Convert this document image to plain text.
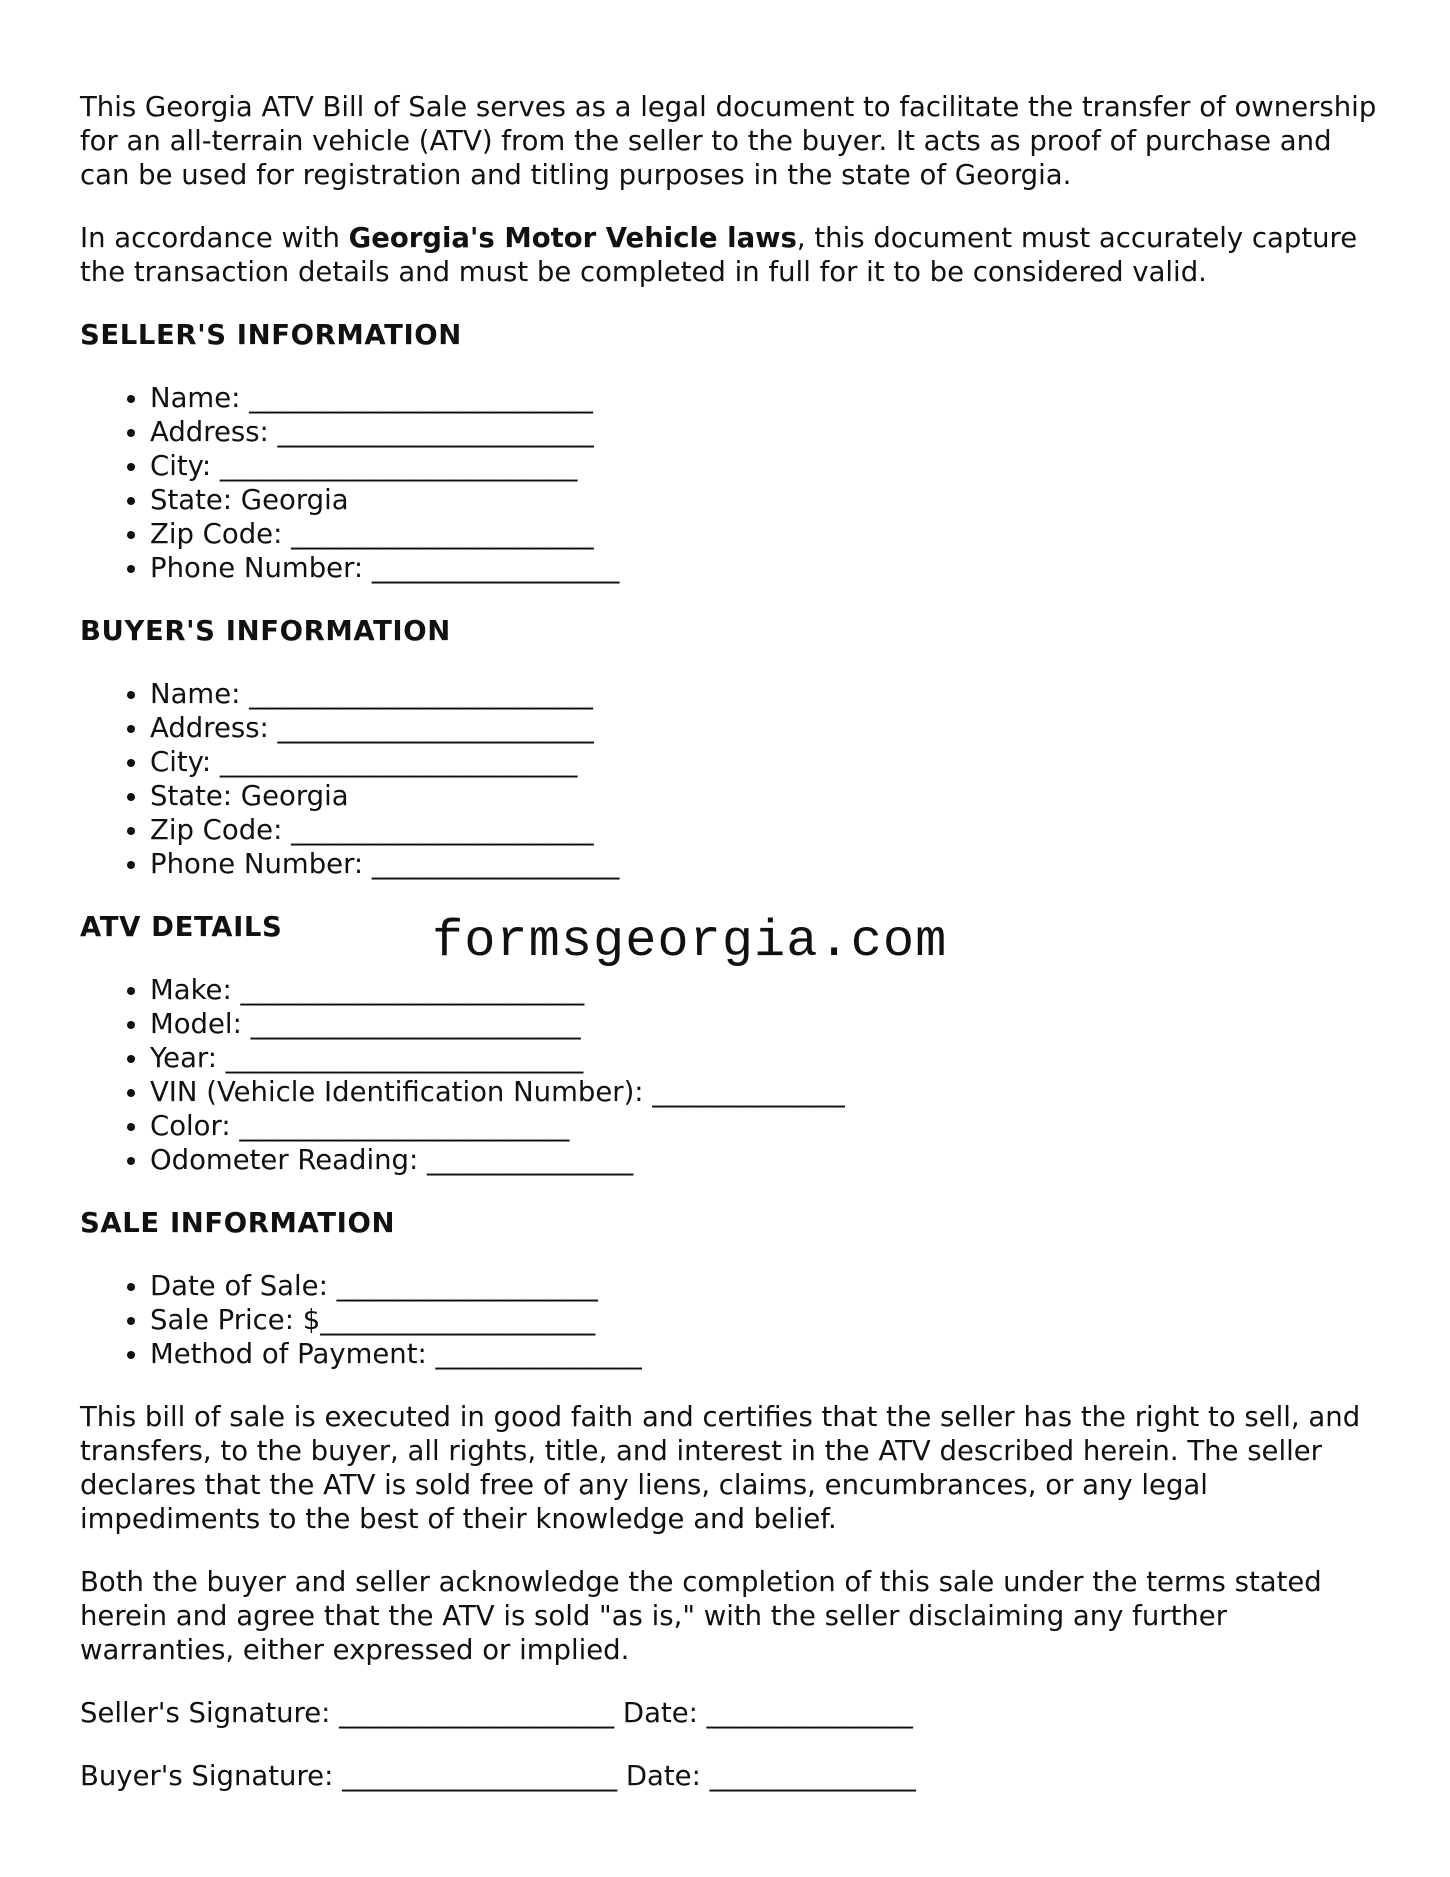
This Georgia ATV Bill of Sale serves as a legal document to facilitate the transfer of ownership for an all-terrain vehicle (ATV) from the seller to the buyer. It acts as proof of purchase and can be used for registration and titling purposes in the state of Georgia.

In accordance with Georgia's Motor Vehicle laws, this document must accurately capture the transaction details and must be completed in full for it to be considered valid.

SELLER'S INFORMATION
• Name: _________________________
• Address: _______________________
• City: __________________________
• State: Georgia
• Zip Code: ______________________
• Phone Number: __________________
BUYER'S INFORMATION
• Name: _________________________
• Address: _______________________
• City: __________________________
• State: Georgia
• Zip Code: ______________________
• Phone Number: __________________
ATV DETAILS
• Make: _________________________
• Model: ________________________
• Year: __________________________
• VIN (Vehicle Identification Number): ______________
• Color: ________________________
• Odometer Reading: _______________
SALE INFORMATION
• Date of Sale: ___________________
• Sale Price: $____________________
• Method of Payment: _______________

This bill of sale is executed in good faith and certifies that the seller has the right to sell, and transfers, to the buyer, all rights, title, and interest in the ATV described herein. The seller declares that the ATV is sold free of any liens, claims, encumbrances, or any legal impediments to the best of their knowledge and belief.

Both the buyer and seller acknowledge the completion of this sale under the terms stated herein and agree that the ATV is sold "as is," with the seller disclaiming any further warranties, either expressed or implied.

Seller's Signature: ____________________ Date: _______________
Buyer's Signature: ____________________ Date: _______________
formsgeorgia.com
